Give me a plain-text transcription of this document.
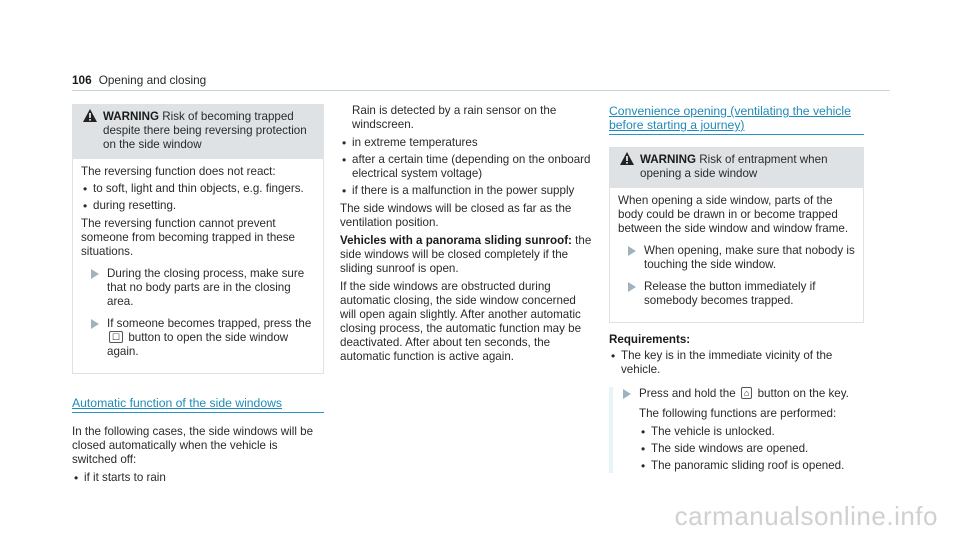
106 Opening and closing
WARNING Risk of becoming trapped despite there being reversing protection on the side window

The reversing function does not react:

• to soft, light and thin objects, e.g. fingers.
• during resetting.

The reversing function cannot prevent someone from becoming trapped in these situations.

During the closing process, make sure that no body parts are in the closing area.
If someone becomes trapped, press the ☐ button to open the side window again.
Automatic function of the side windows

In the following cases, the side windows will be closed automatically when the vehicle is switched off:

• if it starts to rain

Rain is detected by a rain sensor on the windscreen.

• in extreme temperatures
• after a certain time (depending on the onboard electrical system voltage)
• if there is a malfunction in the power supply

The side windows will be closed as far as the ventilation position.

Vehicles with a panorama sliding sunroof: the side windows will be closed completely if the sliding sunroof is open.

If the side windows are obstructed during automatic closing, the side window concerned will open again slightly. After another automatic closing process, the automatic function may be deactivated. After about ten seconds, the automatic function is active again.

Convenience opening (ventilating the vehicle before starting a journey)
WARNING Risk of entrapment when opening a side window

When opening a side window, parts of the body could be drawn in or become trapped between the side window and window frame.

When opening, make sure that nobody is touching the side window.
Release the button immediately if somebody becomes trapped.

Requirements:

• The key is in the immediate vicinity of the vehicle.
Press and hold the ⌂ button on the key.

The following functions are performed:

• The vehicle is unlocked.
• The side windows are opened.
• The panoramic sliding roof is opened.
carmanualsonline.info
